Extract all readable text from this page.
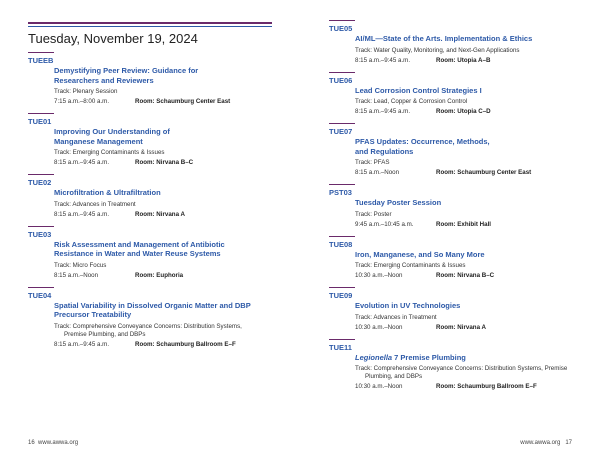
Tuesday, November 19, 2024
TUEEB
Demystifying Peer Review: Guidance for Researchers and Reviewers
Track: Plenary Session
7:15 a.m.–8:00 a.m.	Room: Schaumburg Center East
TUE01
Improving Our Understanding of Manganese Management
Track: Emerging Contaminants & Issues
8:15 a.m.–9:45 a.m.	Room: Nirvana B–C
TUE02
Microfiltration & Ultrafiltration
Track: Advances in Treatment
8:15 a.m.–9:45 a.m.	Room: Nirvana A
TUE03
Risk Assessment and Management of Antibiotic Resistance in Water and Water Reuse Systems
Track: Micro Focus
8:15 a.m.–Noon	Room: Euphoria
TUE04
Spatial Variability in Dissolved Organic Matter and DBP Precursor Treatability
Track: Comprehensive Conveyance Concerns: Distribution Systems, Premise Plumbing, and DBPs
8:15 a.m.–9:45 a.m.	Room: Schaumburg Ballroom E–F
16 www.awwa.org
TUE05
AI/ML—State of the Arts. Implementation & Ethics
Track: Water Quality, Monitoring, and Next-Gen Applications
8:15 a.m.–9:45 a.m.	Room: Utopia A–B
TUE06
Lead Corrosion Control Strategies I
Track: Lead, Copper & Corrosion Control
8:15 a.m.–9:45 a.m.	Room: Utopia C–D
TUE07
PFAS Updates: Occurrence, Methods, and Regulations
Track: PFAS
8:15 a.m.–Noon	Room: Schaumburg Center East
PST03
Tuesday Poster Session
Track: Poster
9:45 a.m.–10:45 a.m.	Room: Exhibit Hall
TUE08
Iron, Manganese, and So Many More
Track: Emerging Contaminants & Issues
10:30 a.m.–Noon	Room: Nirvana B–C
TUE09
Evolution in UV Technologies
Track: Advances in Treatment
10:30 a.m.–Noon	Room: Nirvana A
TUE11
Legionella 7 Premise Plumbing
Track: Comprehensive Conveyance Concerns: Distribution Systems, Premise Plumbing, and DBPs
10:30 a.m.–Noon	Room: Schaumburg Ballroom E–F
www.awwa.org 17
